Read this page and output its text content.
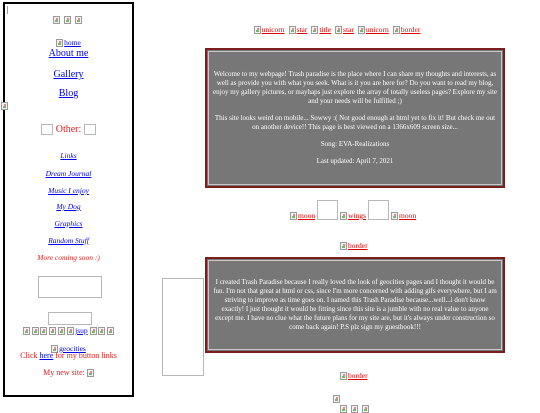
|

home
About me
Gallery
Blog
Other:
Links
Dream Journal
Music I enjoy
My Dog
Graphics
Random Stuff
More coming soon :)

jsup

geocities
Click here for my button links
My new site:
unicorn
star
title
star
unicorn
border

Welcome to my webpage! Trash paradise is the place where I can share my thoughts and interests, as well as provide you with what you seek. What is it you are here for? Do you want to read my blog, enjoy my gallery pictures, or mayhaps just explore the array of totally useless pages? Explore my site and your needs will be fulfilled ;)

This site looks weird on mobile... Sowwy :( Not good enough at html yet to fix it! But check me out on another device!! This page is best viewed on a 1366x609 screen size...

Song: EVA-Realizations

Last updated: April 7, 2021

moon

	wings

	moon
border

I created Trash Paradise because I really loved the look of geocities pages and I thought it would be fun. I'm not that great at html or css, since I'm more concerned with adding gifs everywhere, but I am striving to improve as time goes on. I named this Trash Paradise because...well...i don't know exactly! I just thought it would be fitting since this site is a jumble with no real value to anyone except me. I have no clue what the future plans for my site are, but it's always under construction so come back again! P.S plz sign my guestbook!!!

border
